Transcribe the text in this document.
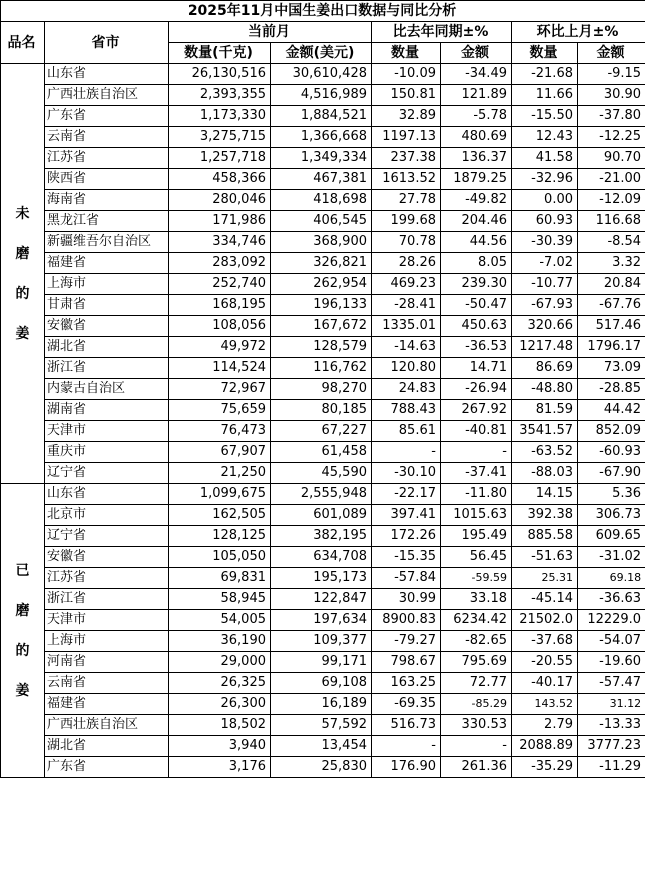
2025年11月中国生姜出口数据与同比分析							
品名	省市	当前月		比去年同期±%		环比上月±%	
		数量(千克)	金额(美元)	数量	金额	数量	金额
未磨的姜	山东省	26,130,516	30,610,428	-10.09	-34.49	-21.68	-9.15
	广西壮族自治区	2,393,355	4,516,989	150.81	121.89	11.66	30.90
	广东省	1,173,330	1,884,521	32.89	-5.78	-15.50	-37.80
	云南省	3,275,715	1,366,668	1197.13	480.69	12.43	-12.25
	江苏省	1,257,718	1,349,334	237.38	136.37	41.58	90.70
	陕西省	458,366	467,381	1613.52	1879.25	-32.96	-21.00
	海南省	280,046	418,698	27.78	-49.82	0.00	-12.09
	黑龙江省	171,986	406,545	199.68	204.46	60.93	116.68
	新疆维吾尔自治区	334,746	368,900	70.78	44.56	-30.39	-8.54
	福建省	283,092	326,821	28.26	8.05	-7.02	3.32
	上海市	252,740	262,954	469.23	239.30	-10.77	20.84
	甘肃省	168,195	196,133	-28.41	-50.47	-67.93	-67.76
	安徽省	108,056	167,672	1335.01	450.63	320.66	517.46
	湖北省	49,972	128,579	-14.63	-36.53	1217.48	1796.17
	浙江省	114,524	116,762	120.80	14.71	86.69	73.09
	内蒙古自治区	72,967	98,270	24.83	-26.94	-48.80	-28.85
	湖南省	75,659	80,185	788.43	267.92	81.59	44.42
	天津市	76,473	67,227	85.61	-40.81	3541.57	852.09
	重庆市	67,907	61,458	-	-	-63.52	-60.93
	辽宁省	21,250	45,590	-30.10	-37.41	-88.03	-67.90
已磨的姜	山东省	1,099,675	2,555,948	-22.17	-11.80	14.15	5.36
	北京市	162,505	601,089	397.41	1015.63	392.38	306.73
	辽宁省	128,125	382,195	172.26	195.49	885.58	609.65
	安徽省	105,050	634,708	-15.35	56.45	-51.63	-31.02
	江苏省	69,831	195,173	-57.84	-59.59	25.31	69.18
	浙江省	58,945	122,847	30.99	33.18	-45.14	-36.63
	天津市	54,005	197,634	8900.83	6234.42	21502.0	12229.0
	上海市	36,190	109,377	-79.27	-82.65	-37.68	-54.07
	河南省	29,000	99,171	798.67	795.69	-20.55	-19.60
	云南省	26,325	69,108	163.25	72.77	-40.17	-57.47
	福建省	26,300	16,189	-69.35	-85.29	143.52	31.12
	广西壮族自治区	18,502	57,592	516.73	330.53	2.79	-13.33
	湖北省	3,940	13,454	-	-	2088.89	3777.23
	广东省	3,176	25,830	176.90	261.36	-35.29	-11.29
